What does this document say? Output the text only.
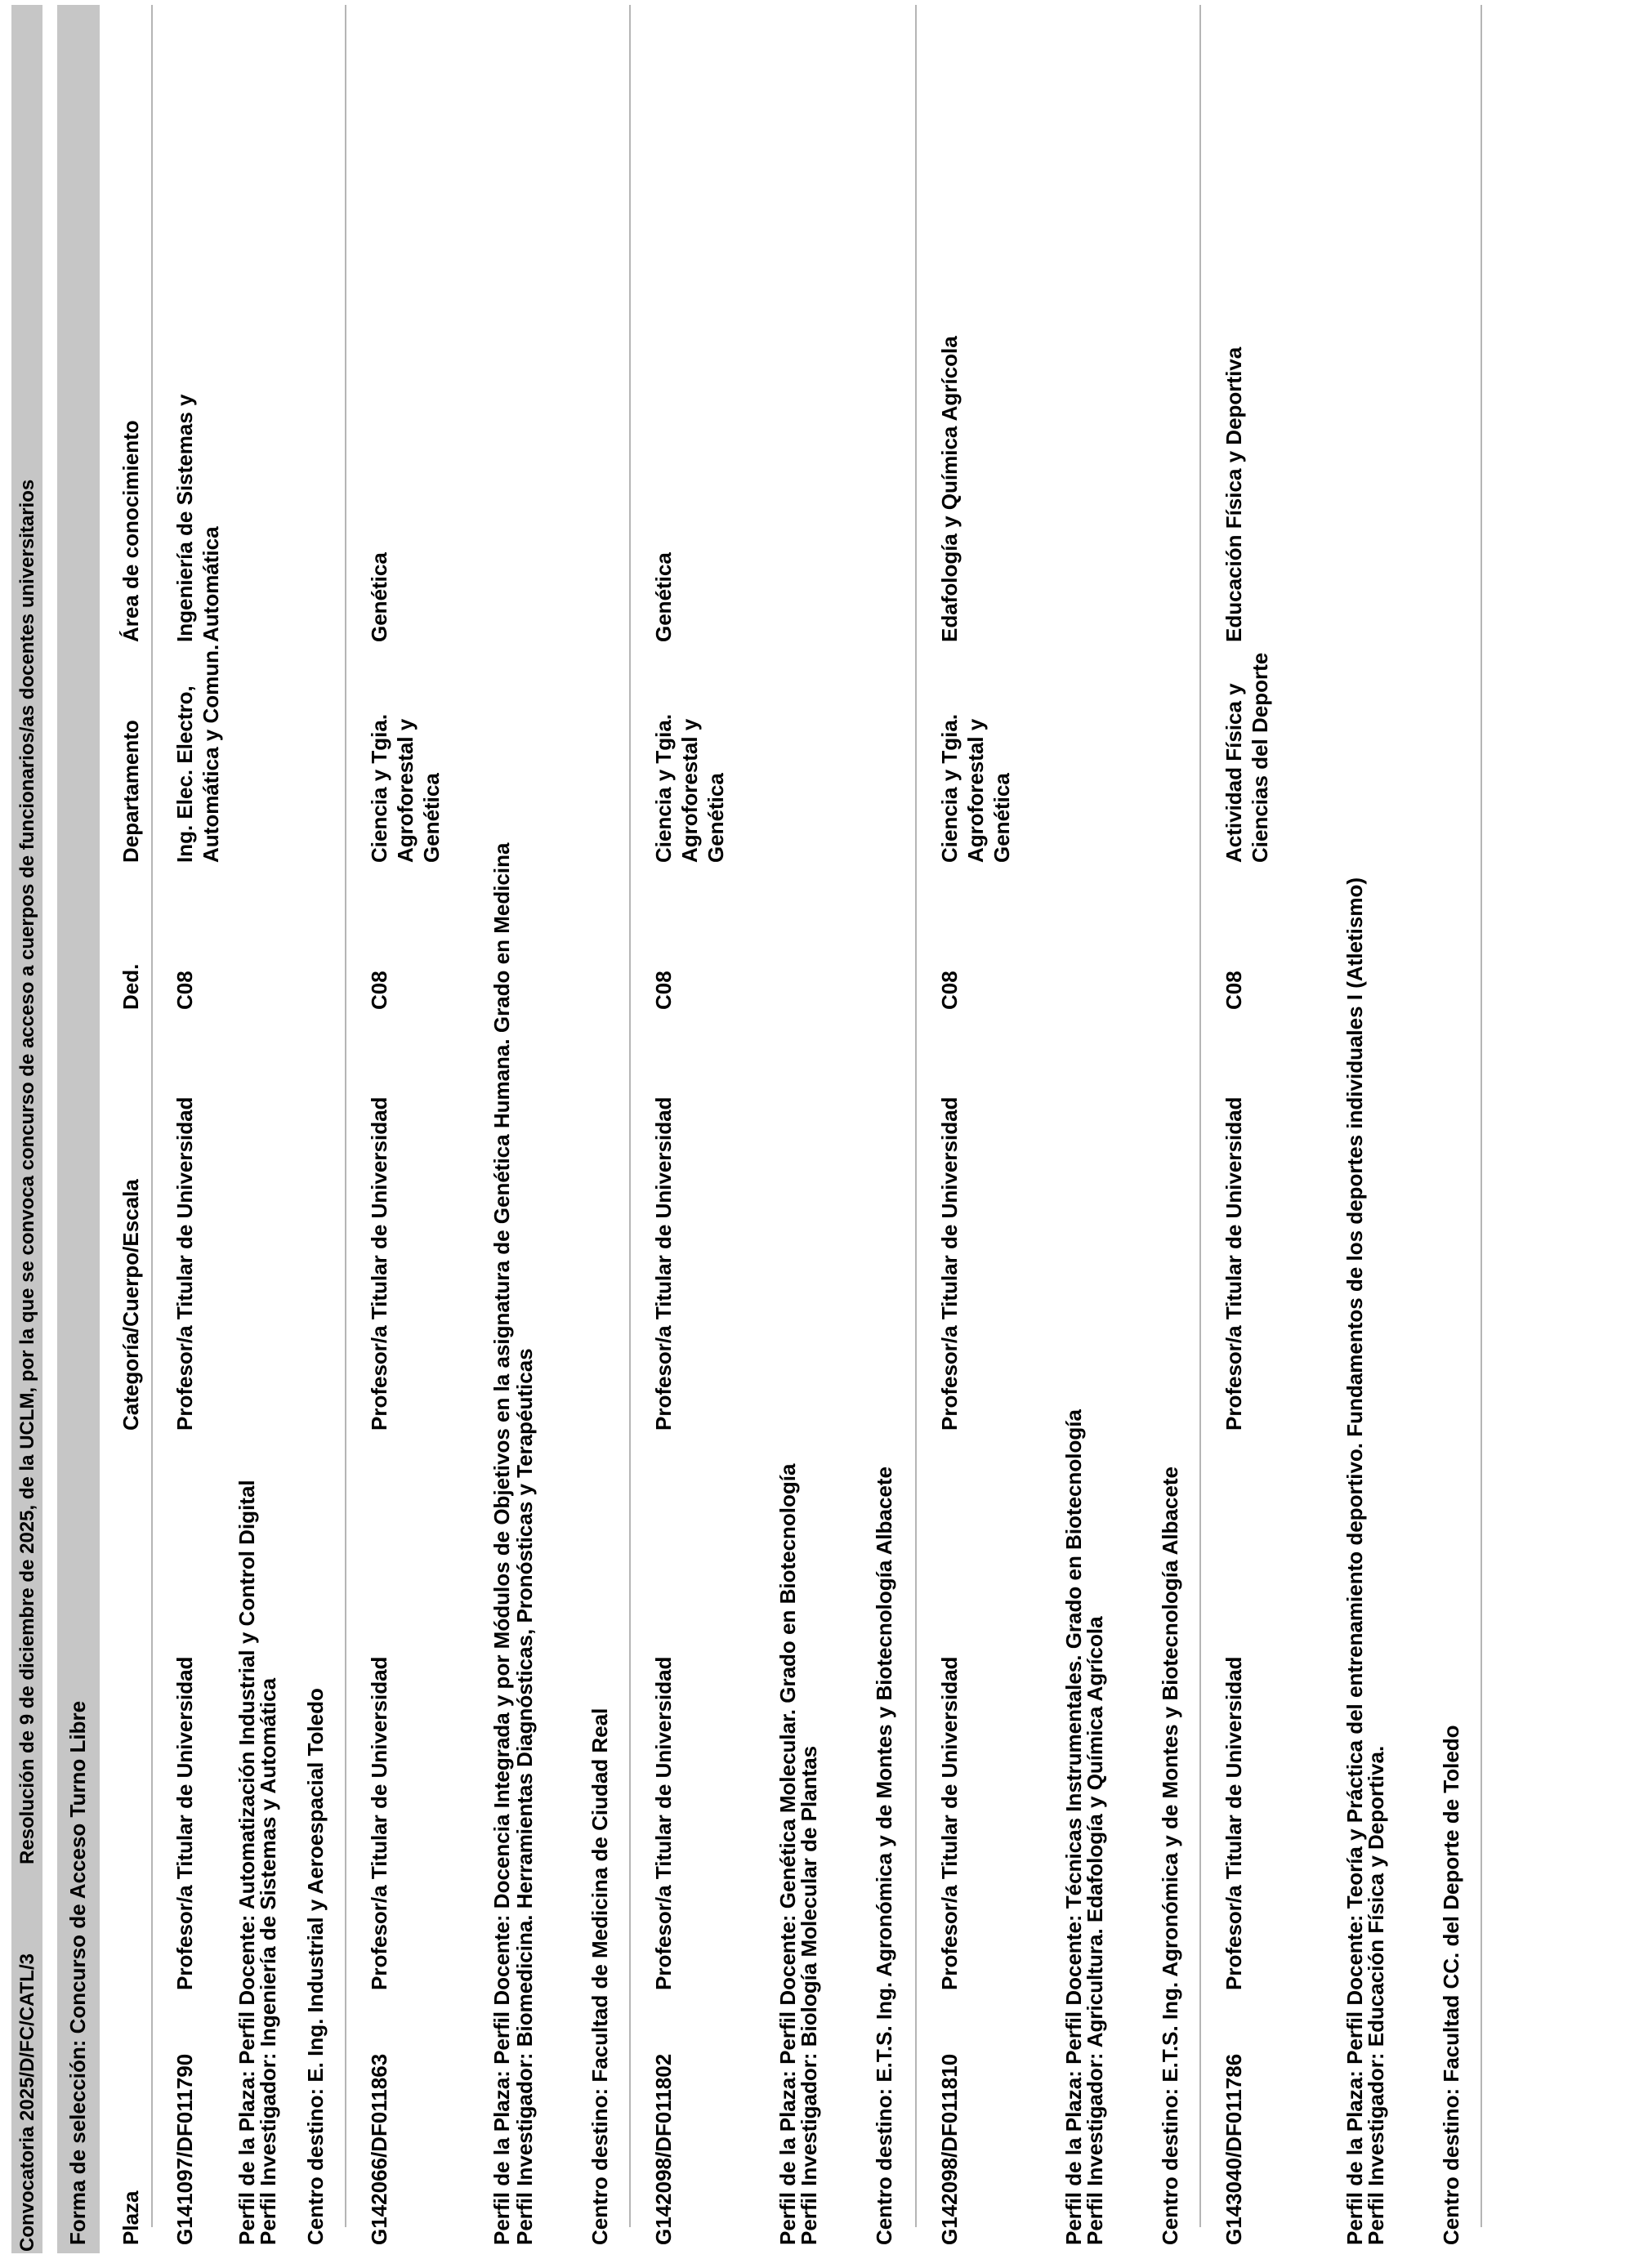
Convocatoria 2025/D/FC/CATL/3
Resolución de 9 de diciembre de 2025, de la UCLM, por la que se convoca concurso de acceso a cuerpos de funcionarios/as docentes universitarios
Forma de selección: Concurso de Acceso Turno Libre Plaza
Categoría/Cuerpo/Escala
Ded.
Departamento
Área de conocimiento
G141097/DF011790
Profesor/a Titular de Universidad
Profesor/a Titular de Universidad
C08
Ing. Elec. Electro, Automática y Comun.
Ingeniería de Sistemas y Automática
Perfil de la Plaza: Perfil Docente: Automatización Industrial y Control Digital
Perfil Investigador: Ingeniería de Sistemas y Automática Centro destino: E. Ing. Industrial y Aeroespacial Toledo G142066/DF011863
Profesor/a Titular de Universidad
Profesor/a Titular de Universidad
C08
Ciencia y Tgia. Agroforestal y Genética
Genética
Perfil de la Plaza: Perfil Docente: Docencia Integrada y por Módulos de Objetivos en la asignatura de Genética Humana. Grado en Medicina
Perfil Investigador: Biomedicina. Herramientas Diagnósticas, Pronósticas y Terapéuticas Centro destino: Facultad de Medicina de Ciudad Real G142098/DF011802
Profesor/a Titular de Universidad
Profesor/a Titular de Universidad
C08
Ciencia y Tgia. Agroforestal y Genética
Genética
Perfil de la Plaza: Perfil Docente: Genética Molecular. Grado en Biotecnología
Perfil Investigador: Biología Molecular de Plantas Centro destino: E.T.S. Ing. Agronómica y de Montes y Biotecnología Albacete G142098/DF011810
Profesor/a Titular de Universidad
Profesor/a Titular de Universidad
C08
Ciencia y Tgia. Agroforestal y Genética
Edafología y Química Agrícola
Perfil de la Plaza: Perfil Docente: Técnicas Instrumentales. Grado en Biotecnología
Perfil Investigador: Agricultura. Edafología y Química Agrícola Centro destino: E.T.S. Ing. Agronómica y de Montes y Biotecnología Albacete G143040/DF011786
Profesor/a Titular de Universidad
Profesor/a Titular de Universidad
C08
Actividad Física y Ciencias del Deporte
Educación Física y Deportiva
Perfil de la Plaza: Perfil Docente: Teoría y Práctica del entrenamiento deportivo. Fundamentos de los deportes individuales I (Atletismo)
Perfil Investigador: Educación Física y Deportiva. Centro destino: Facultad CC. del Deporte de Toledo
